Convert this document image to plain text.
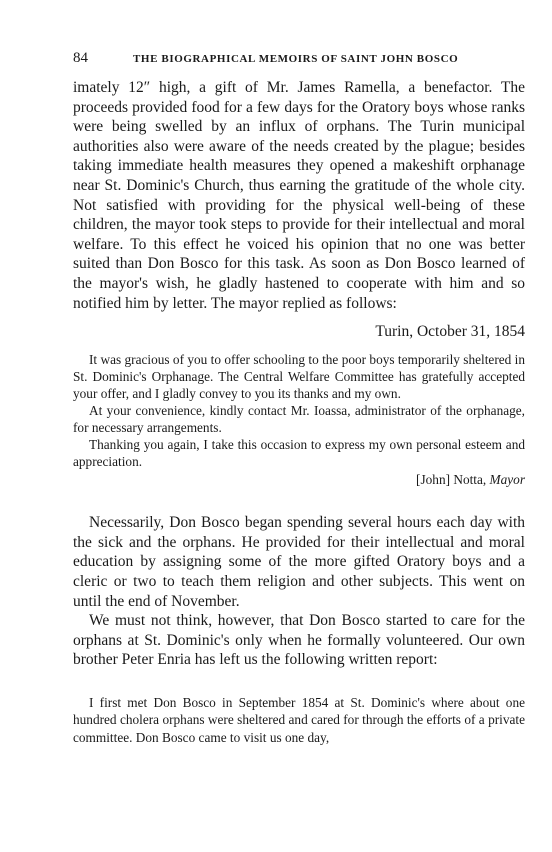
84	THE BIOGRAPHICAL MEMOIRS OF SAINT JOHN BOSCO

imately 12″ high, a gift of Mr. James Ramella, a benefactor. The proceeds provided food for a few days for the Oratory boys whose ranks were being swelled by an influx of orphans. The Turin municipal authorities also were aware of the needs created by the plague; besides taking immediate health measures they opened a makeshift orphanage near St. Dominic's Church, thus earning the gratitude of the whole city. Not satisfied with providing for the physical well-being of these children, the mayor took steps to provide for their intellectual and moral welfare. To this effect he voiced his opinion that no one was better suited than Don Bosco for this task. As soon as Don Bosco learned of the mayor's wish, he gladly hastened to cooperate with him and so notified him by letter. The mayor replied as follows:

Turin, October 31, 1854

It was gracious of you to offer schooling to the poor boys temporarily sheltered in St. Dominic's Orphanage. The Central Welfare Committee has gratefully accepted your offer, and I gladly convey to you its thanks and my own.

At your convenience, kindly contact Mr. Ioassa, administrator of the orphanage, for necessary arrangements.

Thanking you again, I take this occasion to express my own personal esteem and appreciation.

[John] Notta, Mayor

Necessarily, Don Bosco began spending several hours each day with the sick and the orphans. He provided for their intellectual and moral education by assigning some of the more gifted Oratory boys and a cleric or two to teach them religion and other subjects. This went on until the end of November.

We must not think, however, that Don Bosco started to care for the orphans at St. Dominic's only when he formally volunteered. Our own brother Peter Enria has left us the following written report:

I first met Don Bosco in September 1854 at St. Dominic's where about one hundred cholera orphans were sheltered and cared for through the efforts of a private committee. Don Bosco came to visit us one day,
